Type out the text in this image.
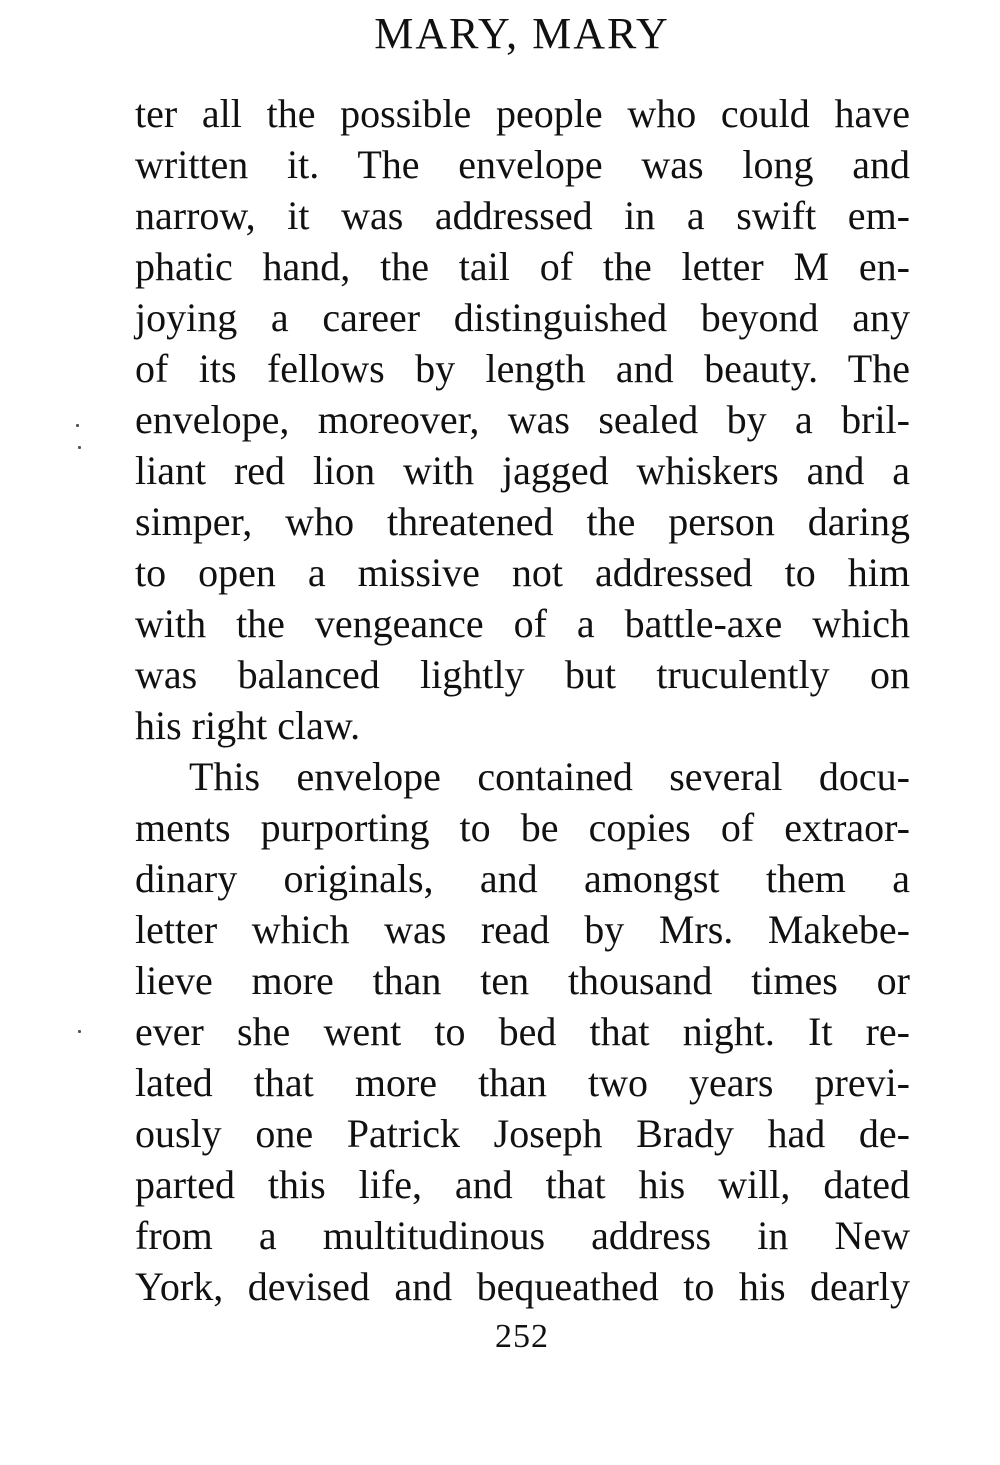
MARY, MARY
ter all the possible people who could have
written it. The envelope was long and
narrow, it was addressed in a swift em-
phatic hand, the tail of the letter M en-
joying a career distinguished beyond any
of its fellows by length and beauty. The
envelope, moreover, was sealed by a bril-
liant red lion with jagged whiskers and a
simper, who threatened the person daring
to open a missive not addressed to him
with the vengeance of a battle-axe which
was balanced lightly but truculently on
his right claw.
This envelope contained several docu-
ments purporting to be copies of extraor-
dinary originals, and amongst them a
letter which was read by Mrs. Makebe-
lieve more than ten thousand times or
ever she went to bed that night. It re-
lated that more than two years previ-
ously one Patrick Joseph Brady had de-
parted this life, and that his will, dated
from a multitudinous address in New
York, devised and bequeathed to his dearly
252
